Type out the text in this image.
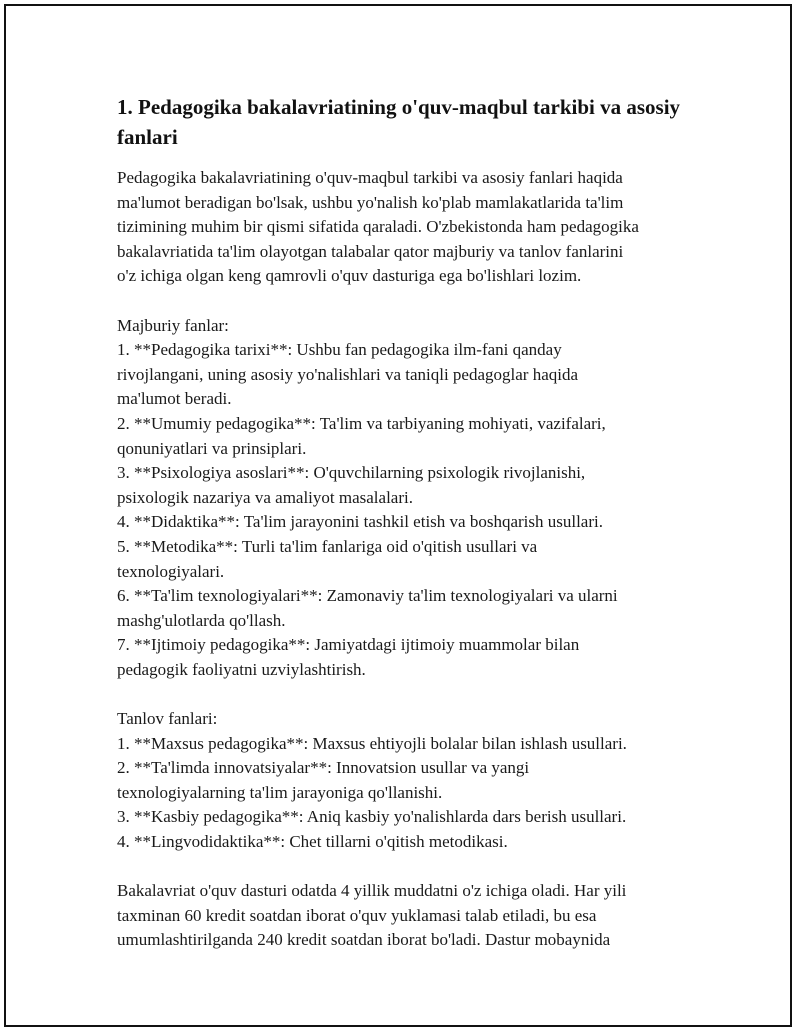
1. Pedagogika bakalavriatining o'quv-maqbul tarkibi va asosiy
fanlari
Pedagogika bakalavriatining o'quv-maqbul tarkibi va asosiy fanlari haqida
ma'lumot beradigan bo'lsak, ushbu yo'nalish ko'plab mamlakatlarida ta'lim
tizimining muhim bir qismi sifatida qaraladi. O'zbekistonda ham pedagogika
bakalavriatida ta'lim olayotgan talabalar qator majburiy va tanlov fanlarini
o'z ichiga olgan keng qamrovli o'quv dasturiga ega bo'lishlari lozim.
Majburiy fanlar:
1. **Pedagogika tarixi**: Ushbu fan pedagogika ilm-fani qanday
rivojlangani, uning asosiy yo'nalishlari va taniqli pedagoglar haqida
ma'lumot beradi.
2. **Umumiy pedagogika**: Ta'lim va tarbiyaning mohiyati, vazifalari,
qonuniyatlari va prinsiplari.
3. **Psixologiya asoslari**: O'quvchilarning psixologik rivojlanishi,
psixologik nazariya va amaliyot masalalari.
4. **Didaktika**: Ta'lim jarayonini tashkil etish va boshqarish usullari.
5. **Metodika**: Turli ta'lim fanlariga oid o'qitish usullari va
texnologiyalari.
6. **Ta'lim texnologiyalari**: Zamonaviy ta'lim texnologiyalari va ularni
mashg'ulotlarda qo'llash.
7. **Ijtimoiy pedagogika**: Jamiyatdagi ijtimoiy muammolar bilan
pedagogik faoliyatni uzviylashtirish.
Tanlov fanlari:
1. **Maxsus pedagogika**: Maxsus ehtiyojli bolalar bilan ishlash usullari.
2. **Ta'limda innovatsiyalar**: Innovatsion usullar va yangi
texnologiyalarning ta'lim jarayoniga qo'llanishi.
3. **Kasbiy pedagogika**: Aniq kasbiy yo'nalishlarda dars berish usullari.
4. **Lingvodidaktika**: Chet tillarni o'qitish metodikasi.
Bakalavriat o'quv dasturi odatda 4 yillik muddatni o'z ichiga oladi. Har yili
taxminan 60 kredit soatdan iborat o'quv yuklamasi talab etiladi, bu esa
umumlashtirilganda 240 kredit soatdan iborat bo'ladi. Dastur mobaynida
